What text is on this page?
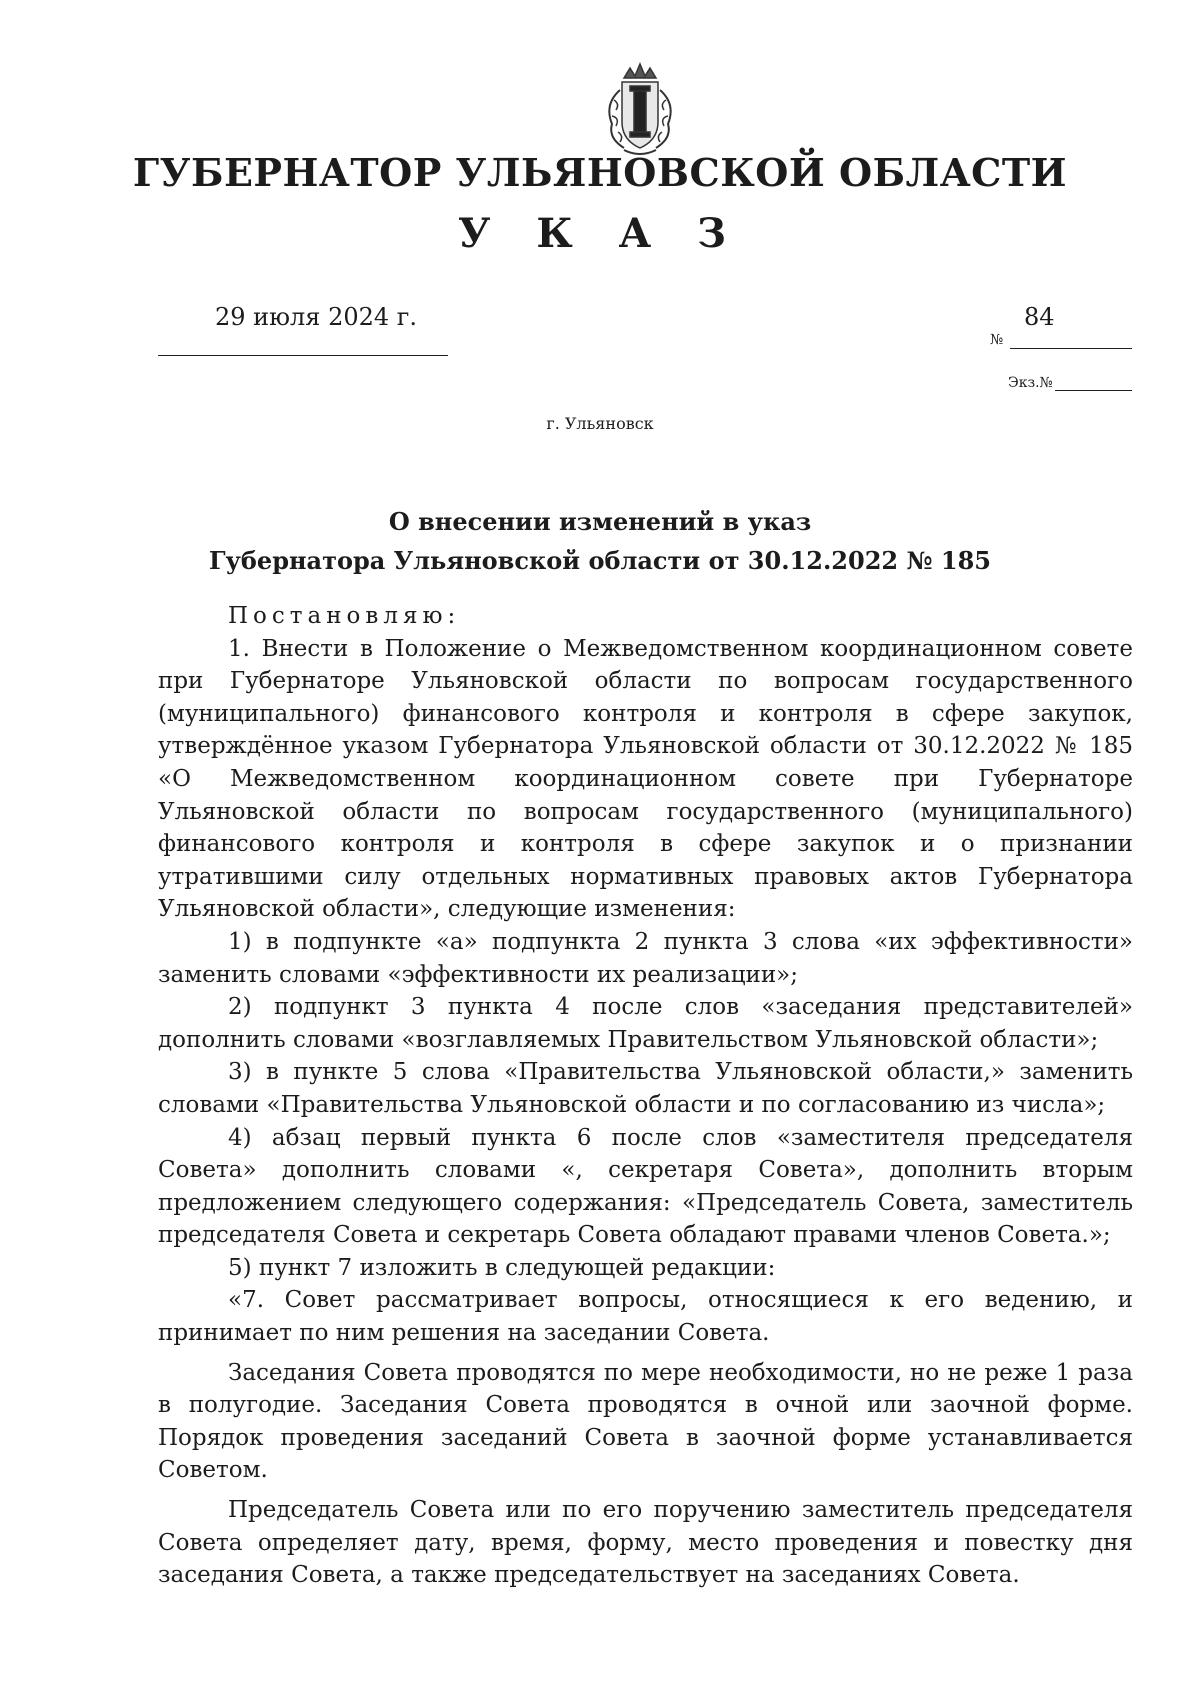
ГУБЕРНАТОР УЛЬЯНОВСКОЙ ОБЛАСТИ
У К А З
29 июля 2024 г.
№
84
Экз.№
г. Ульяновск
О внесении изменений в указ
Губернатора Ульяновской области от 30.12.2022 № 185

Постановляю:

1. Внести в Положение о Межведомственном координационном совете при Губернаторе Ульяновской области по вопросам государственного (муниципального) финансового контроля и контроля в сфере закупок, утверждённое указом Губернатора Ульяновской области от 30.12.2022 № 185 «О Межведомственном координационном совете при Губернаторе Ульяновской области по вопросам государственного (муниципального) финансового контроля и контроля в сфере закупок и о признании утратившими силу отдельных нормативных правовых актов Губернатора Ульяновской области», следующие изменения:

1) в подпункте «а» подпункта 2 пункта 3 слова «их эффективности» заменить словами «эффективности их реализации»;

2) подпункт 3 пункта 4 после слов «заседания представителей» дополнить словами «возглавляемых Правительством Ульяновской области»;

3) в пункте 5 слова «Правительства Ульяновской области,» заменить словами «Правительства Ульяновской области и по согласованию из числа»;

4) абзац первый пункта 6 после слов «заместителя председателя Совета» дополнить словами «, секретаря Совета», дополнить вторым предложением следующего содержания: «Председатель Совета, заместитель председателя Совета и секретарь Совета обладают правами членов Совета.»;

5) пункт 7 изложить в следующей редакции:

«7. Совет рассматривает вопросы, относящиеся к его ведению, и принимает по ним решения на заседании Совета.

Заседания Совета проводятся по мере необходимости, но не реже 1 раза в полугодие. Заседания Совета проводятся в очной или заочной форме. Порядок проведения заседаний Совета в заочной форме устанавливается Советом.

Председатель Совета или по его поручению заместитель председателя Совета определяет дату, время, форму, место проведения и повестку дня заседания Совета, а также председательствует на заседаниях Совета.
